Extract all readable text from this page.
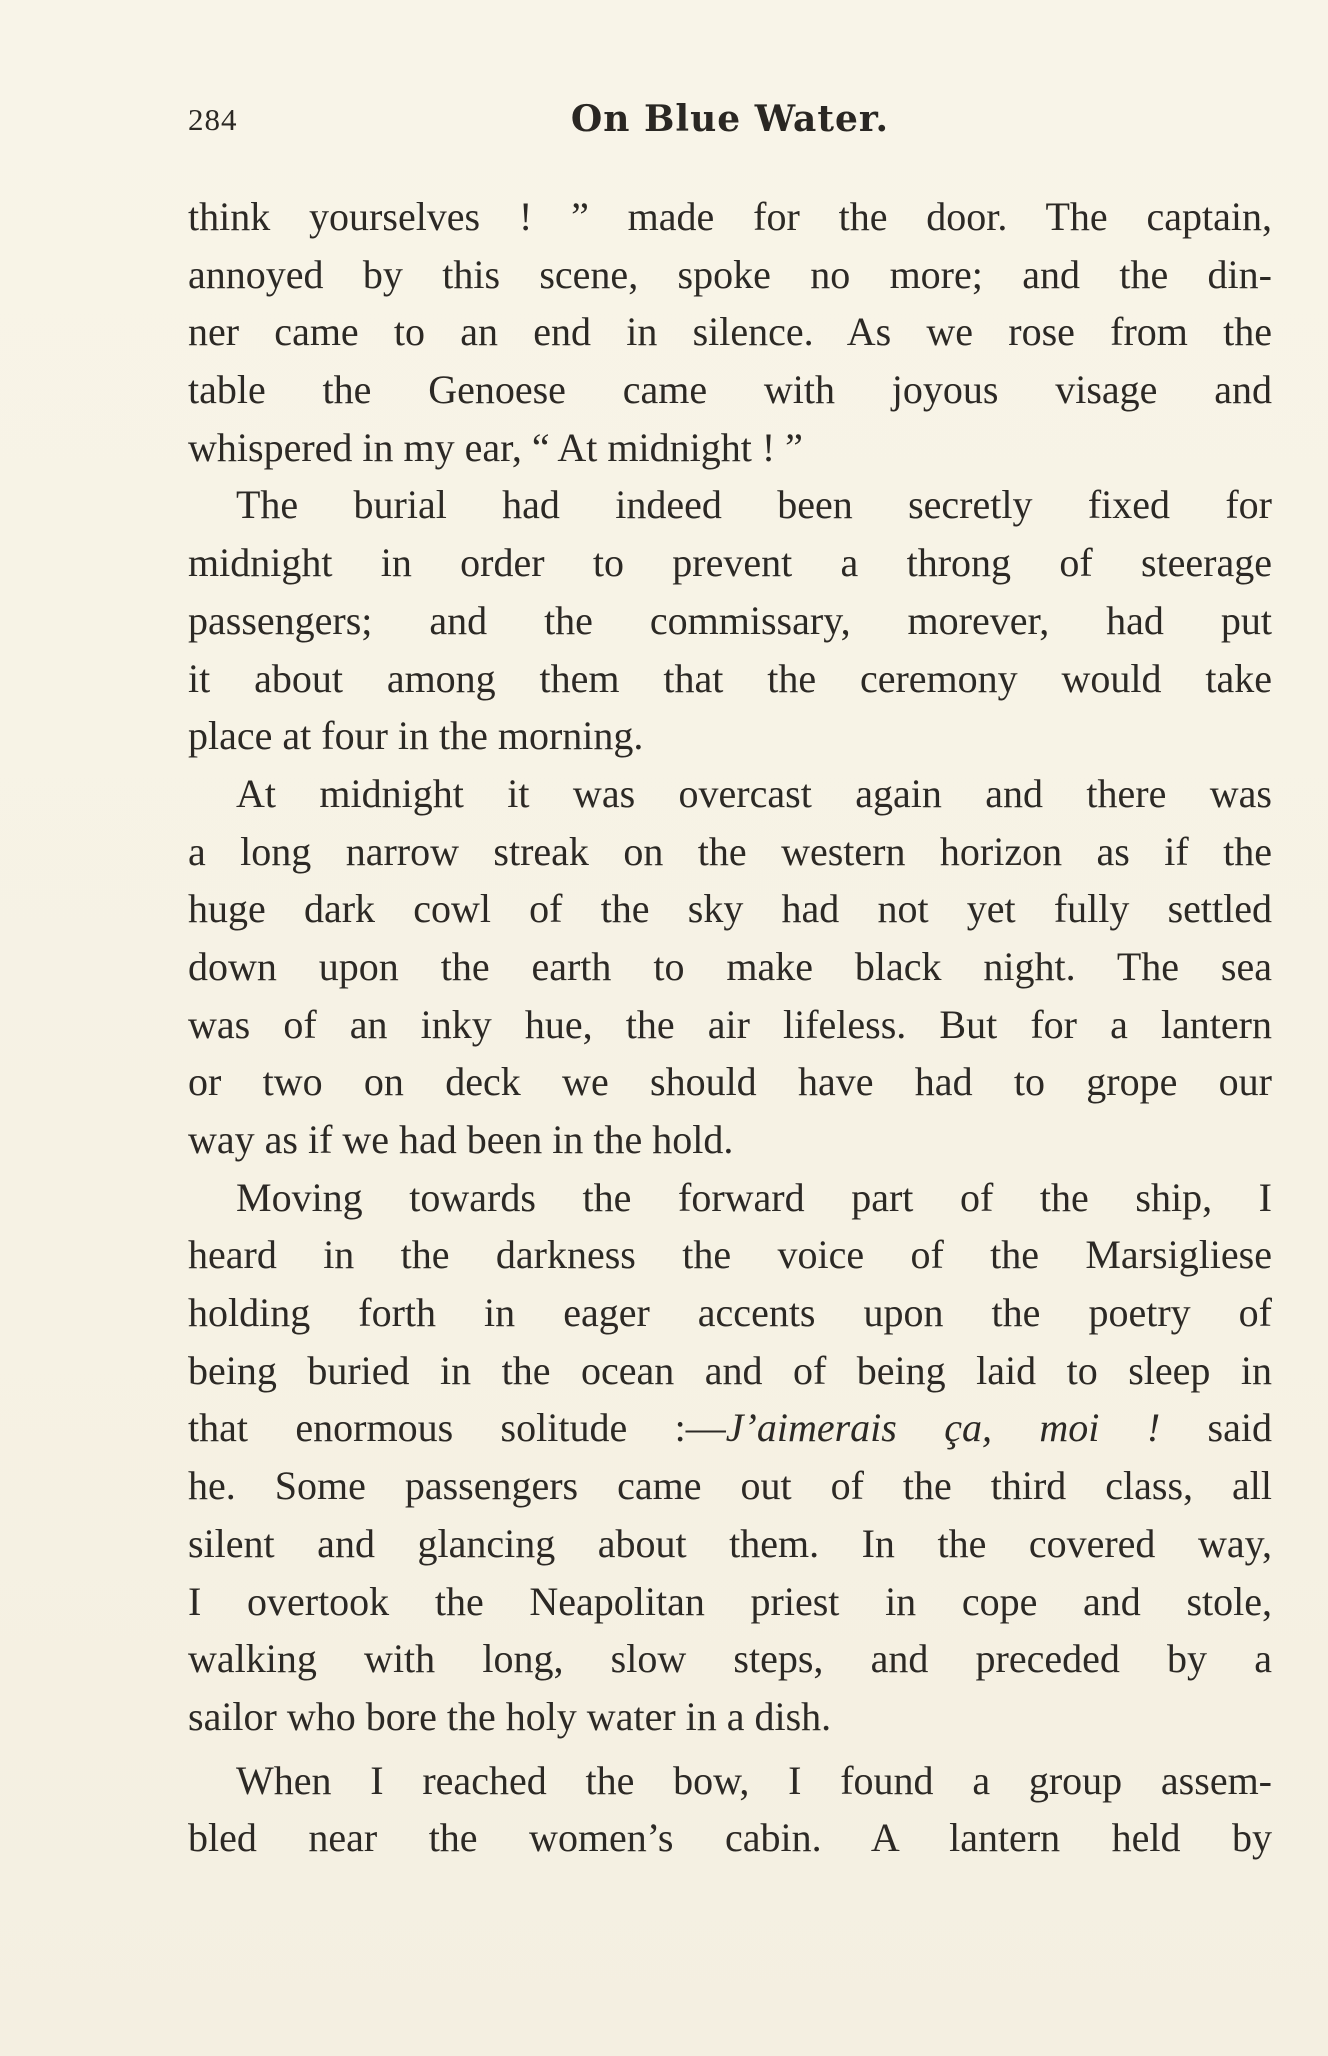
284	On Blue Water.
think yourselves ! ” made for the door. The captain,
annoyed by this scene, spoke no more; and the din-
ner came to an end in silence. As we rose from the
table the Genoese came with joyous visage and
whispered in my ear, “ At midnight ! ”
The burial had indeed been secretly fixed for
midnight in order to prevent a throng of steerage
passengers; and the commissary, morever, had put
it about among them that the ceremony would take
place at four in the morning.
At midnight it was overcast again and there was
a long narrow streak on the western horizon as if the
huge dark cowl of the sky had not yet fully settled
down upon the earth to make black night. The sea
was of an inky hue, the air lifeless. But for a lantern
or two on deck we should have had to grope our
way as if we had been in the hold.
Moving towards the forward part of the ship, I
heard in the darkness the voice of the Marsigliese
holding forth in eager accents upon the poetry of
being buried in the ocean and of being laid to sleep in
that enormous solitude :—J’aimerais ça, moi ! said
he. Some passengers came out of the third class, all
silent and glancing about them. In the covered way,
I overtook the Neapolitan priest in cope and stole,
walking with long, slow steps, and preceded by a
sailor who bore the holy water in a dish.
When I reached the bow, I found a group assem-
bled near the women’s cabin. A lantern held by
